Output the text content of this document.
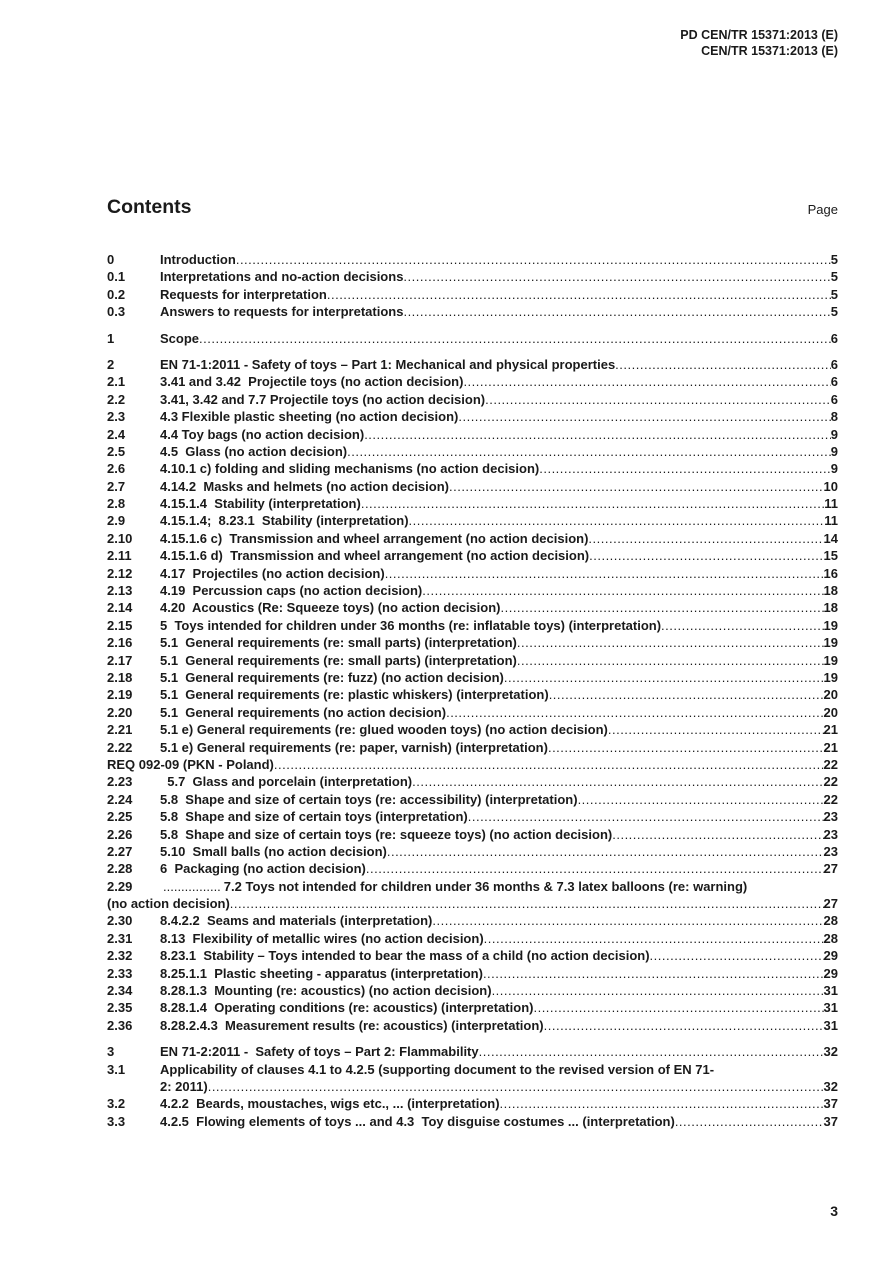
PD CEN/TR 15371:2013 (E)
CEN/TR 15371:2013 (E)
Contents	Page
0	Introduction .....	5
0.1	Interpretations and no-action decisions .....	5
0.2	Requests for interpretation .....	5
0.3	Answers to requests for interpretations .....	5
1	Scope .....	6
2	EN 71-1:2011 - Safety of toys – Part 1: Mechanical and physical properties .....	6
2.1	3.41 and 3.42  Projectile toys (no action decision) .....	6
2.2	3.41, 3.42 and 7.7 Projectile toys (no action decision) .....	6
2.3	4.3 Flexible plastic sheeting (no action decision) .....	8
2.4	4.4 Toy bags (no action decision) .....	9
2.5	4.5  Glass (no action decision) .....	9
2.6	4.10.1 c) folding and sliding mechanisms (no action decision) .....	9
2.7	4.14.2  Masks and helmets (no action decision) .....	10
2.8	4.15.1.4  Stability (interpretation) .....	11
2.9	4.15.1.4;  8.23.1  Stability (interpretation) .....	11
2.10	4.15.1.6 c)  Transmission and wheel arrangement (no action decision) .....	14
2.11	4.15.1.6 d)  Transmission and wheel arrangement (no action decision) .....	15
2.12	4.17  Projectiles (no action decision) .....	16
2.13	4.19  Percussion caps (no action decision) .....	18
2.14	4.20  Acoustics (Re: Squeeze toys) (no action decision) .....	18
2.15	5  Toys intended for children under 36 months (re: inflatable toys) (interpretation) .....	19
2.16	5.1  General requirements (re: small parts) (interpretation) .....	19
2.17	5.1  General requirements (re: small parts) (interpretation) .....	19
2.18	5.1  General requirements (re: fuzz) (no action decision) .....	19
2.19	5.1  General requirements (re: plastic whiskers) (interpretation) .....	20
2.20	5.1  General requirements (no action decision) .....	20
2.21	5.1 e) General requirements (re: glued wooden toys) (no action decision) .....	21
2.22	5.1 e) General requirements (re: paper, varnish) (interpretation) .....	21
REQ 092-09 (PKN - Poland) .....	22
2.23	5.7  Glass and porcelain (interpretation) .....	22
2.24	5.8  Shape and size of certain toys (re: accessibility) (interpretation) .....	22
2.25	5.8  Shape and size of certain toys (interpretation) .....	23
2.26	5.8  Shape and size of certain toys (re: squeeze toys) (no action decision) .....	23
2.27	5.10  Small balls (no action decision) .....	23
2.28	6  Packaging (no action decision) .....	27
2.29	................ 7.2 Toys not intended for children under 36 months & 7.3 latex balloons (re: warning)
(no action decision) .....	27
2.30	8.4.2.2  Seams and materials (interpretation) .....	28
2.31	8.13  Flexibility of metallic wires (no action decision) .....	28
2.32	8.23.1  Stability – Toys intended to bear the mass of a child (no action decision) .....	29
2.33	8.25.1.1  Plastic sheeting - apparatus (interpretation) .....	29
2.34	8.28.1.3  Mounting (re: acoustics) (no action decision) .....	31
2.35	8.28.1.4  Operating conditions (re: acoustics) (interpretation) .....	31
2.36	8.28.2.4.3  Measurement results (re: acoustics) (interpretation) .....	31
3	EN 71-2:2011 -  Safety of toys – Part 2: Flammability .....	32
3.1	Applicability of clauses 4.1 to 4.2.5 (supporting document to the revised version of EN 71-
2: 2011) .....	32
3.2	4.2.2  Beards, moustaches, wigs etc., ... (interpretation) .....	37
3.3	4.2.5  Flowing elements of toys ... and 4.3  Toy disguise costumes ... (interpretation) .....	37
3
